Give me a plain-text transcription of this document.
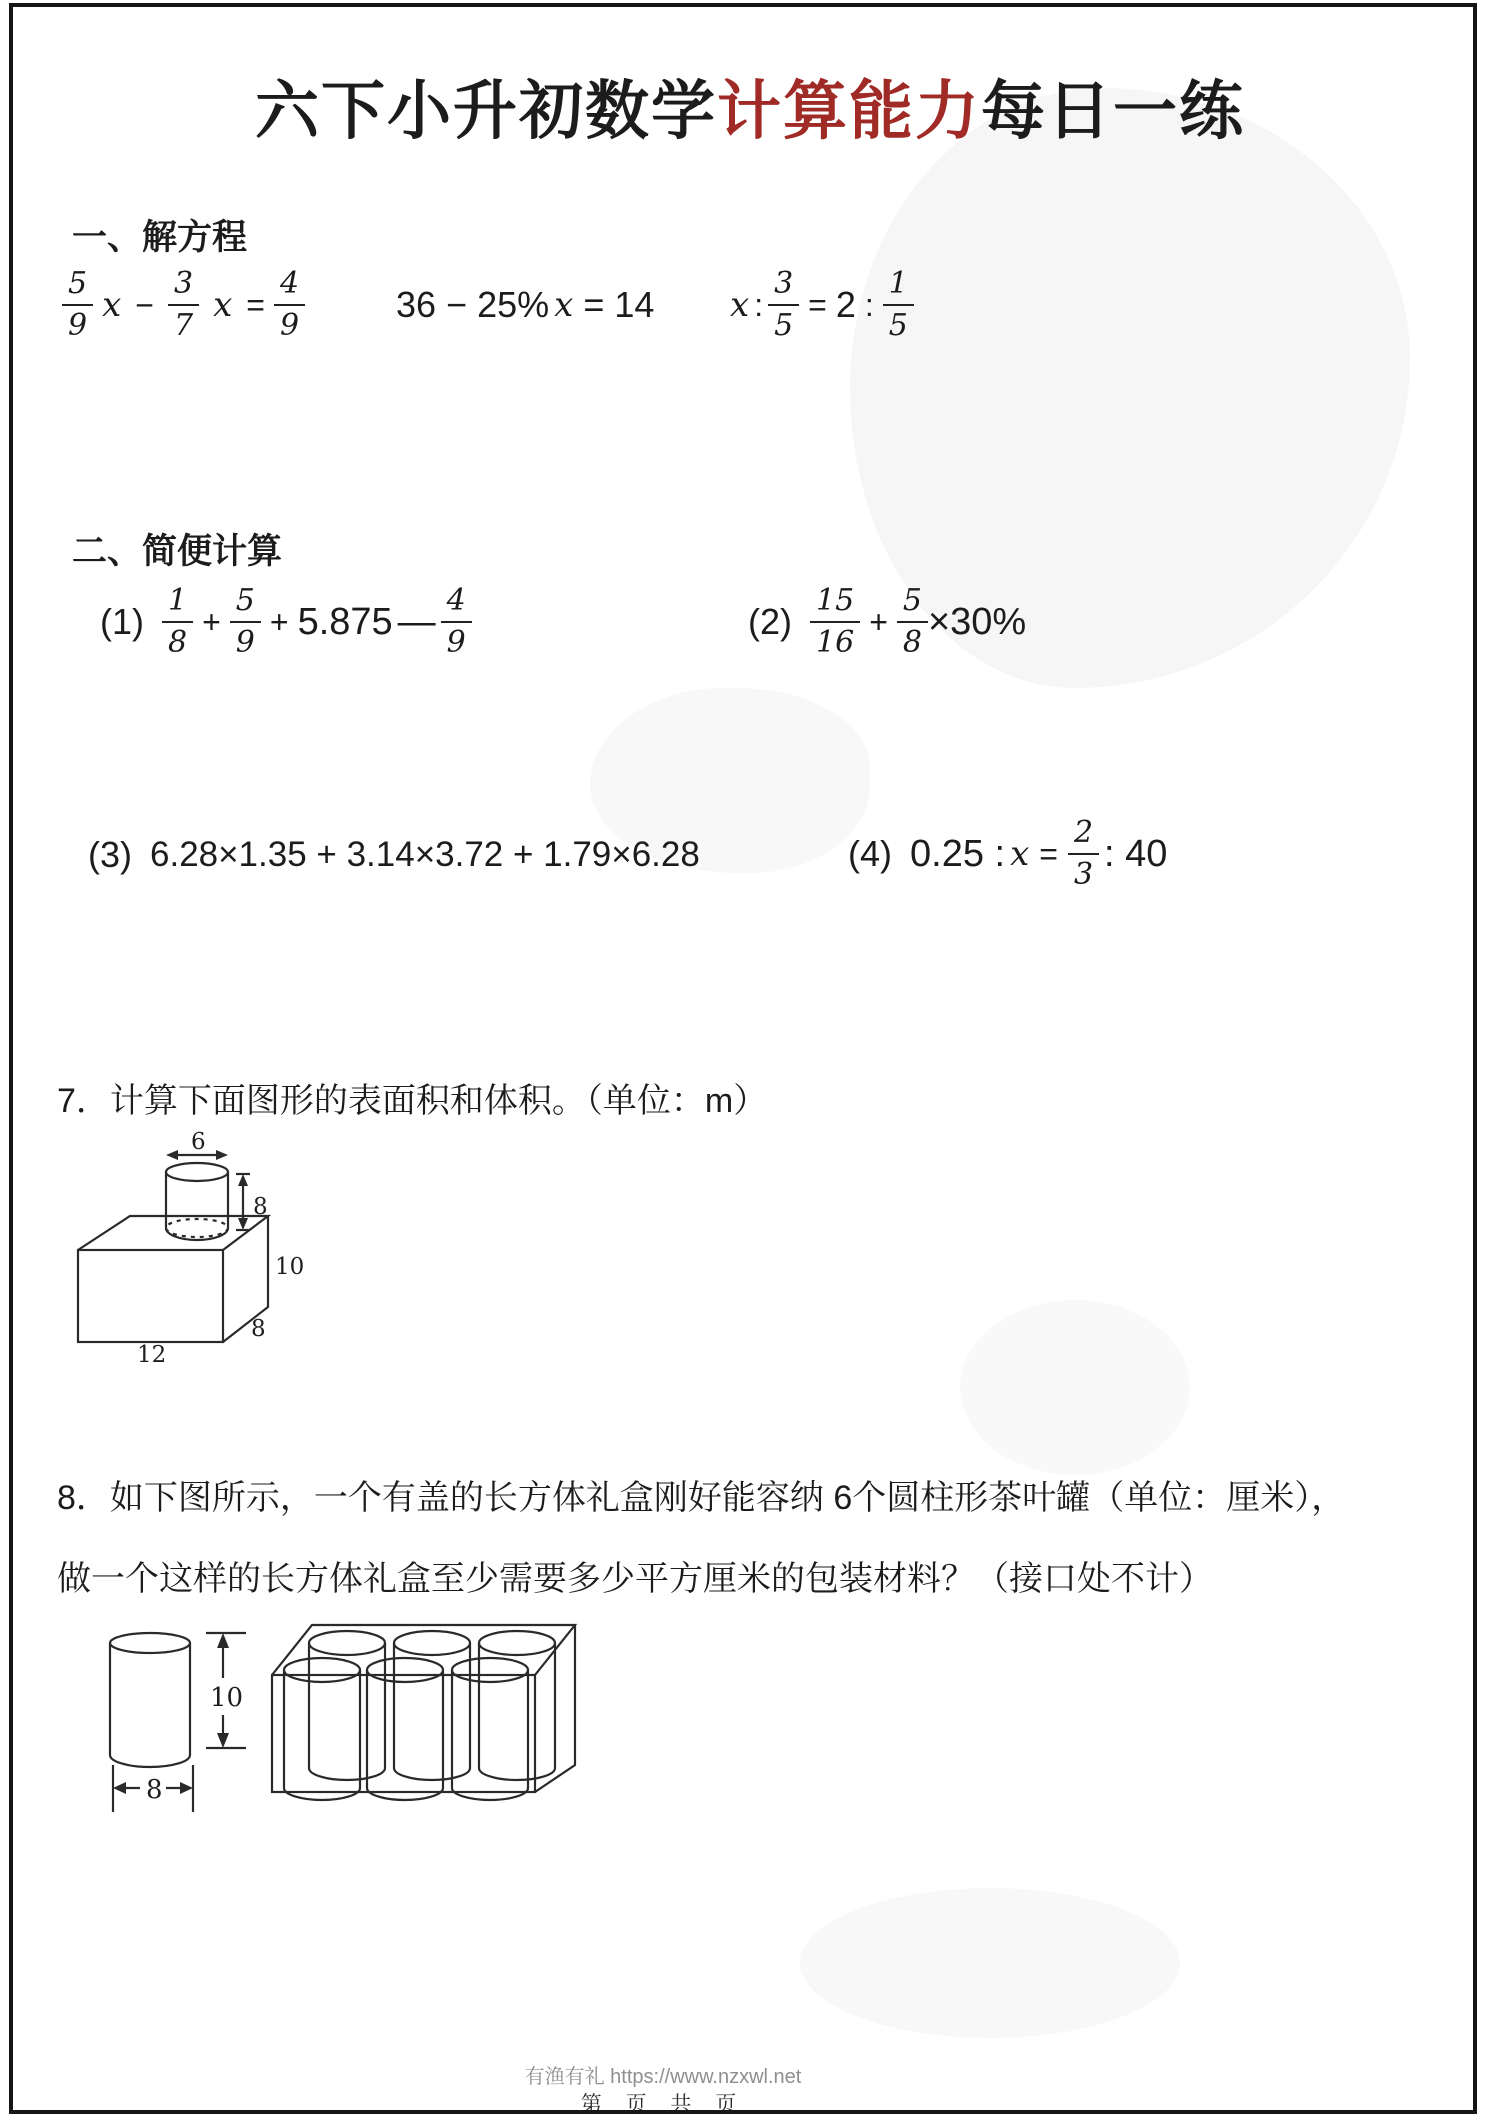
六下小升初数学计算能力每日一练
一、解方程
$\frac{5}{9}$ $x - \frac{3}{7}$ $x = \frac{4}{9}$	36 − 25% x = 14 x : $\frac{3}{5} = 2$ : $\frac{1}{5}$
二、简便计算
$(1) \frac{1}{8} + \frac{5}{9} + 5.875$ — $\frac{4}{9}$	$(2) \frac{15}{16} + \frac{5}{8} \times 30\%$
(3) 6.28×1.35 + 3.14×3.72 + 1.79×6.28	(4) 0.25 : $x = \frac{2}{3}$ : 40
7．计算下面图形的表面积和体积。（单位：m）
6
8
10
8
12
8．如下图所示，一个有盖的长方体礼盒刚好能容纳 6个圆柱形茶叶罐（单位：厘米），
做一个这样的长方体礼盒至少需要多少平方厘米的包装材料？（接口处不计）
10
8
有渔有礼 https://www.nzxwl.net
第 页 共 页
